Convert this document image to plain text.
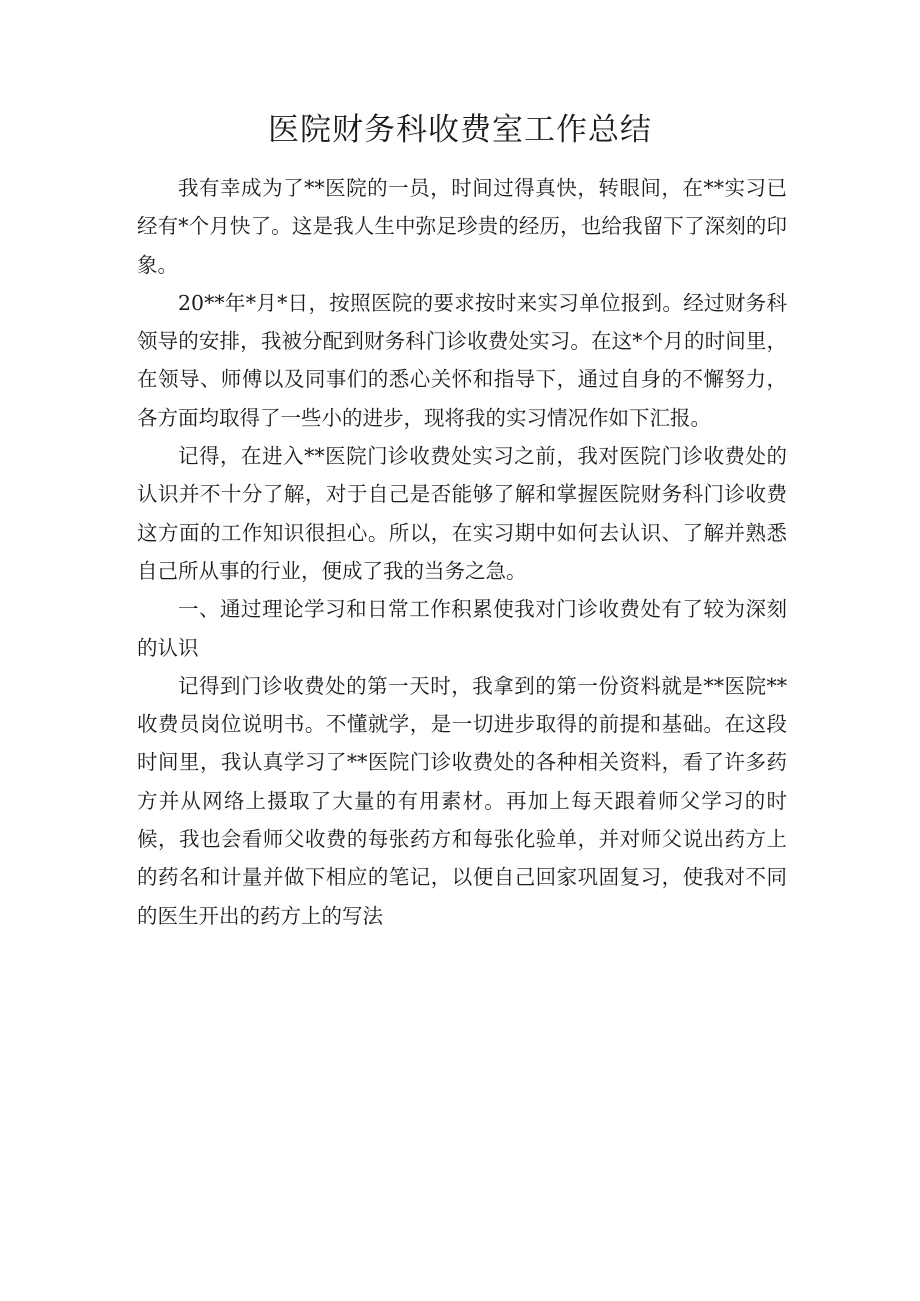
医院财务科收费室工作总结

我有幸成为了**医院的一员，时间过得真快，转眼间，在**实习已经有*个月快了。这是我人生中弥足珍贵的经历，也给我留下了深刻的印象。

20**年*月*日，按照医院的要求按时来实习单位报到。经过财务科领导的安排，我被分配到财务科门诊收费处实习。在这*个月的时间里，在领导、师傅以及同事们的悉心关怀和指导下，通过自身的不懈努力，各方面均取得了一些小的进步，现将我的实习情况作如下汇报。

记得，在进入**医院门诊收费处实习之前，我对医院门诊收费处的认识并不十分了解，对于自己是否能够了解和掌握医院财务科门诊收费这方面的工作知识很担心。所以，在实习期中如何去认识、了解并熟悉自己所从事的行业，便成了我的当务之急。

一、通过理论学习和日常工作积累使我对门诊收费处有了较为深刻的认识

记得到门诊收费处的第一天时，我拿到的第一份资料就是**医院**收费员岗位说明书。不懂就学，是一切进步取得的前提和基础。在这段时间里，我认真学习了**医院门诊收费处的各种相关资料，看了许多药方并从网络上摄取了大量的有用素材。再加上每天跟着师父学习的时候，我也会看师父收费的每张药方和每张化验单，并对师父说出药方上的药名和计量并做下相应的笔记，以便自己回家巩固复习，使我对不同的医生开出的药方上的写法
